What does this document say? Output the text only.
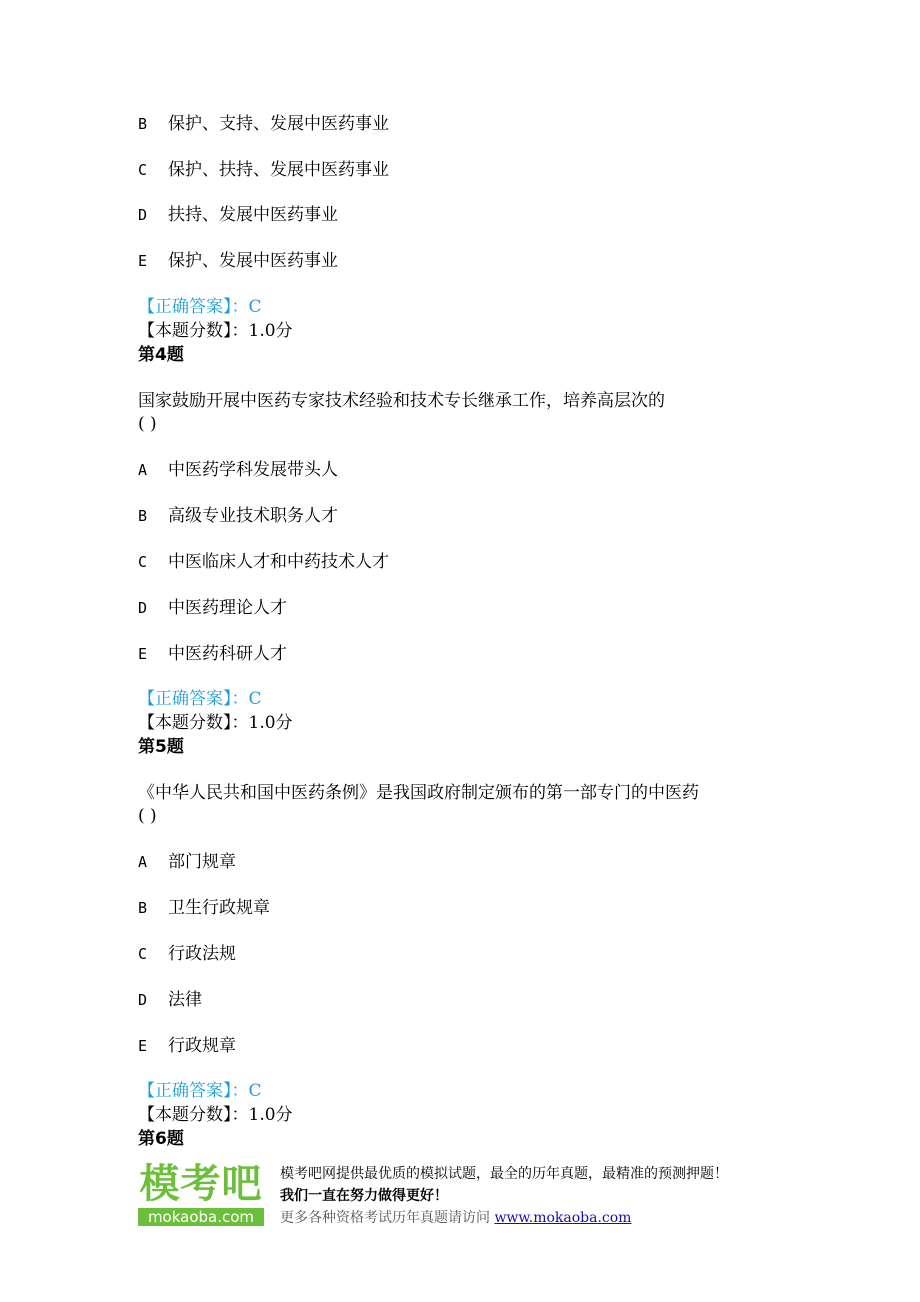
B 保护、支持、发展中医药事业
C 保护、扶持、发展中医药事业
D 扶持、发展中医药事业
E 保护、发展中医药事业
【正确答案】：C
【本题分数】：1.0分
第4题
国家鼓励开展中医药专家技术经验和技术专长继承工作，培养高层次的
( )
A 中医药学科发展带头人
B 高级专业技术职务人才
C 中医临床人才和中药技术人才
D 中医药理论人才
E 中医药科研人才
【正确答案】：C
【本题分数】：1.0分
第5题
《中华人民共和国中医药条例》是我国政府制定颁布的第一部专门的中医药
( )
A 部门规章
B 卫生行政规章
C 行政法规
D 法律
E 行政规章
【正确答案】：C
【本题分数】：1.0分
第6题
模考吧
mokaoba.com
模考吧网提供最优质的模拟试题，最全的历年真题，最精准的预测押题！
我们一直在努力做得更好！
更多各种资格考试历年真题请访问 www.mokaoba.com
